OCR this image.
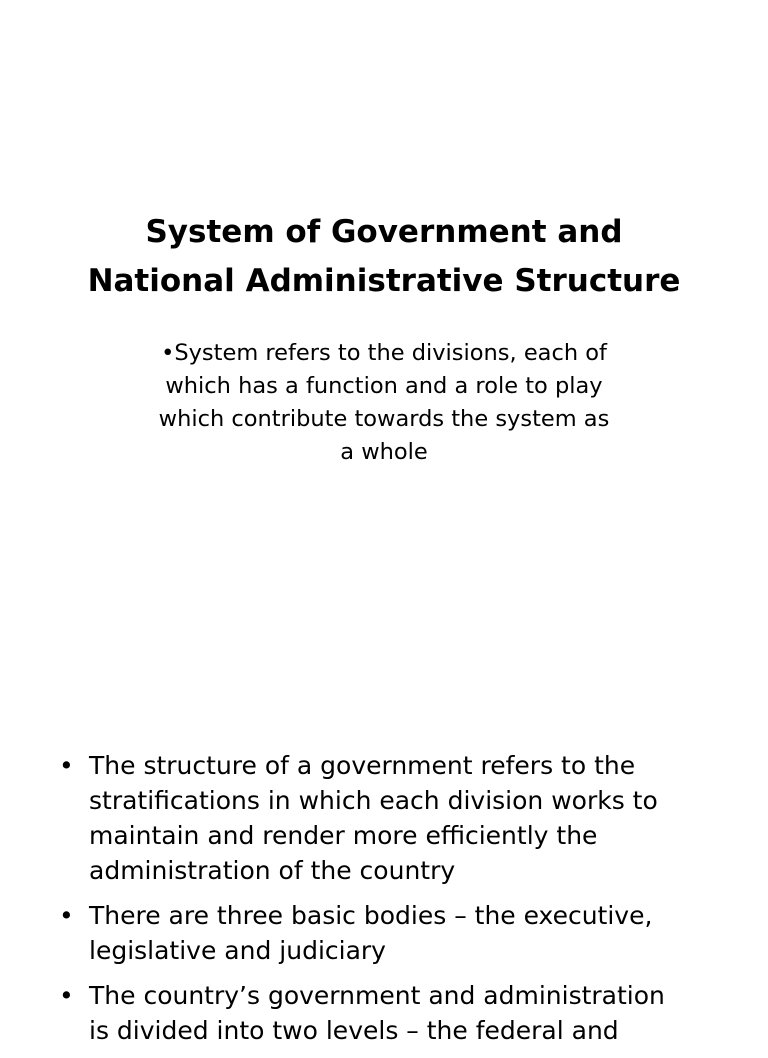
System of Government and
National Administrative Structure

•System refers to the divisions, each of
which has a function and a role to play
which contribute towards the system as
a whole

• The structure of a government refers to the
stratifications in which each division works to
maintain and render more efficiently the
administration of the country
• There are three basic bodies – the executive,
legislative and judiciary
• The country’s government and administration
is divided into two levels – the federal and
